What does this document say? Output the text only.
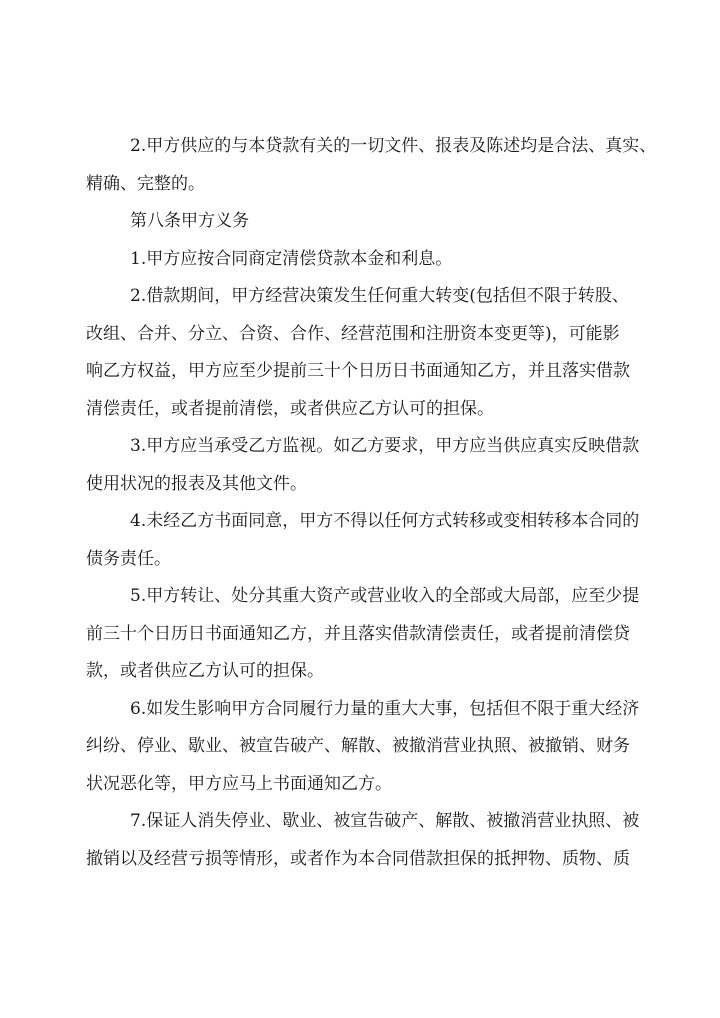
2.甲方供应的与本贷款有关的一切文件、报表及陈述均是合法、真实、
精确、完整的。
第八条甲方义务
1.甲方应按合同商定清偿贷款本金和利息。
2.借款期间，甲方经营决策发生任何重大转变(包括但不限于转股、
改组、合并、分立、合资、合作、经营范围和注册资本变更等)，可能影
响乙方权益，甲方应至少提前三十个日历日书面通知乙方，并且落实借款
清偿责任，或者提前清偿，或者供应乙方认可的担保。
3.甲方应当承受乙方监视。如乙方要求，甲方应当供应真实反映借款
使用状况的报表及其他文件。
4.未经乙方书面同意，甲方不得以任何方式转移或变相转移本合同的
债务责任。
5.甲方转让、处分其重大资产或营业收入的全部或大局部，应至少提
前三十个日历日书面通知乙方，并且落实借款清偿责任，或者提前清偿贷
款，或者供应乙方认可的担保。
6.如发生影响甲方合同履行力量的重大大事，包括但不限于重大经济
纠纷、停业、歇业、被宣告破产、解散、被撤消营业执照、被撤销、财务
状况恶化等，甲方应马上书面通知乙方。
7.保证人消失停业、歇业、被宣告破产、解散、被撤消营业执照、被
撤销以及经营亏损等情形，或者作为本合同借款担保的抵押物、质物、质
